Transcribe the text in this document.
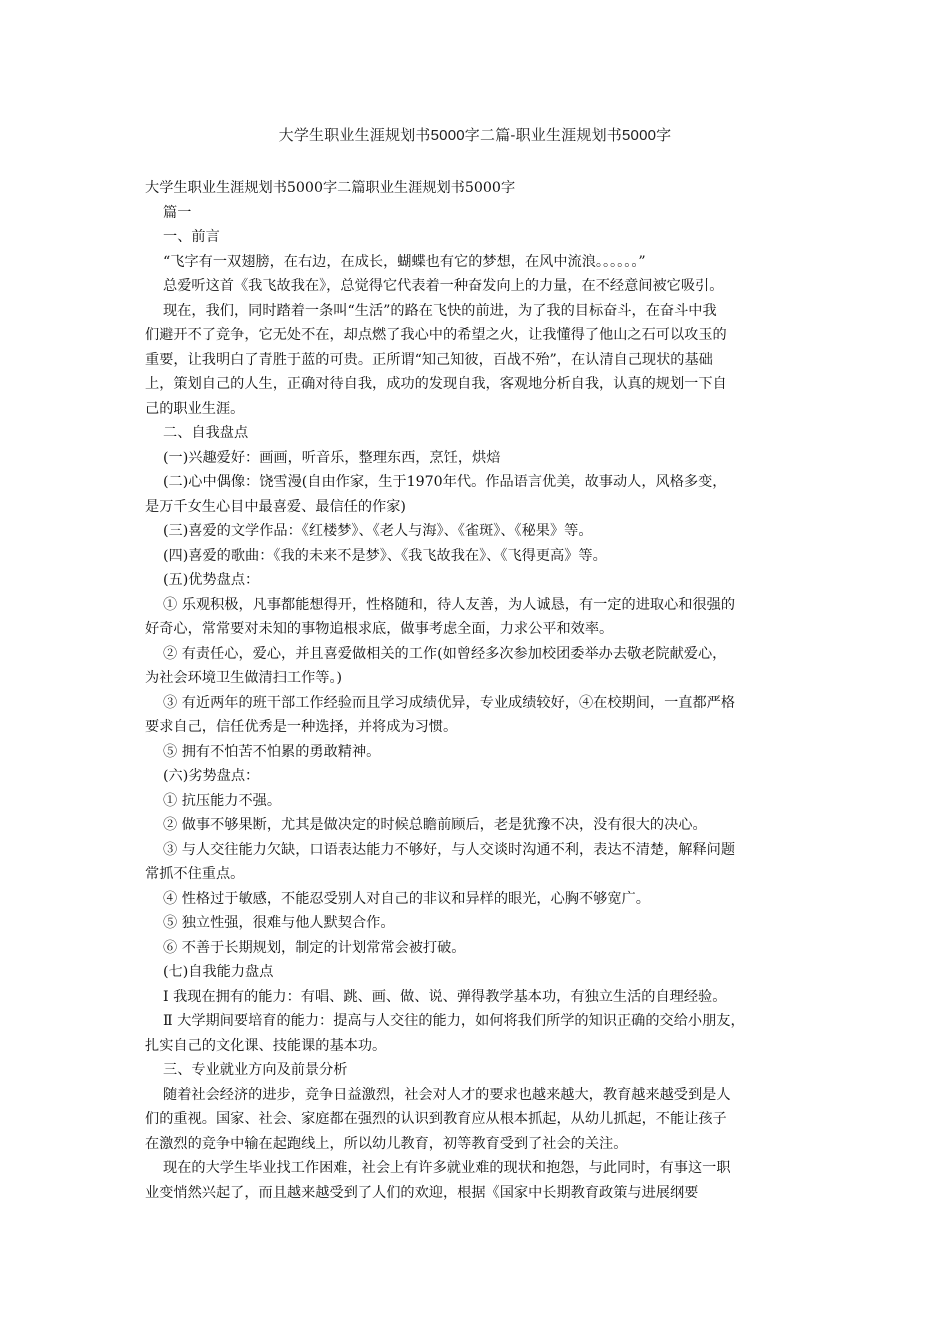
大学生职业生涯规划书5000字二篇-职业生涯规划书5000字
大学生职业生涯规划书5000字二篇职业生涯规划书5000字
篇一
一、前言
“飞字有一双翅膀，在右边，在成长，蝴蝶也有它的梦想，在风中流浪。。。。。。”
总爱听这首《我飞故我在》，总觉得它代表着一种奋发向上的力量，在不经意间被它吸引。
现在，我们，同时踏着一条叫“生活”的路在飞快的前进，为了我的目标奋斗，在奋斗中我
们避开不了竞争，它无处不在，却点燃了我心中的希望之火，让我懂得了他山之石可以攻玉的
重要，让我明白了青胜于蓝的可贵。正所谓“知己知彼，百战不殆”，在认清自己现状的基础
上，策划自己的人生，正确对待自我，成功的发现自我，客观地分析自我，认真的规划一下自
己的职业生涯。
二、自我盘点
(一)兴趣爱好：画画，听音乐，整理东西，烹饪，烘焙
(二)心中偶像：饶雪漫(自由作家，生于1970年代。作品语言优美，故事动人，风格多变，
是万千女生心目中最喜爱、最信任的作家)
(三)喜爱的文学作品：《红楼梦》、《老人与海》、《雀斑》、《秘果》等。
(四)喜爱的歌曲：《我的未来不是梦》、《我飞故我在》、《飞得更高》等。
(五)优势盘点：
① 乐观积极，凡事都能想得开，性格随和，待人友善，为人诚恳，有一定的进取心和很强的
好奇心，常常要对未知的事物追根求底，做事考虑全面，力求公平和效率。
② 有责任心，爱心，并且喜爱做相关的工作(如曾经多次参加校团委举办去敬老院献爱心，
为社会环境卫生做清扫工作等。)
③ 有近两年的班干部工作经验而且学习成绩优异，专业成绩较好，④在校期间，一直都严格
要求自己，信任优秀是一种选择，并将成为习惯。
⑤ 拥有不怕苦不怕累的勇敢精神。
(六)劣势盘点：
① 抗压能力不强。
② 做事不够果断，尤其是做决定的时候总瞻前顾后，老是犹豫不决，没有很大的决心。
③ 与人交往能力欠缺，口语表达能力不够好，与人交谈时沟通不利，表达不清楚，解释问题
常抓不住重点。
④ 性格过于敏感，不能忍受别人对自己的非议和异样的眼光，心胸不够宽广。
⑤ 独立性强，很难与他人默契合作。
⑥ 不善于长期规划，制定的计划常常会被打破。
(七)自我能力盘点
Ⅰ 我现在拥有的能力：有唱、跳、画、做、说、弹得教学基本功，有独立生活的自理经验。
Ⅱ 大学期间要培育的能力：提高与人交往的能力，如何将我们所学的知识正确的交给小朋友，
扎实自己的文化课、技能课的基本功。
三、专业就业方向及前景分析
随着社会经济的进步，竞争日益激烈，社会对人才的要求也越来越大，教育越来越受到是人
们的重视。国家、社会、家庭都在强烈的认识到教育应从根本抓起，从幼儿抓起，不能让孩子
在激烈的竞争中输在起跑线上，所以幼儿教育，初等教育受到了社会的关注。
现在的大学生毕业找工作困难，社会上有许多就业难的现状和抱怨，与此同时，有事这一职
业变悄然兴起了，而且越来越受到了人们的欢迎，根据《国家中长期教育政策与进展纲要
